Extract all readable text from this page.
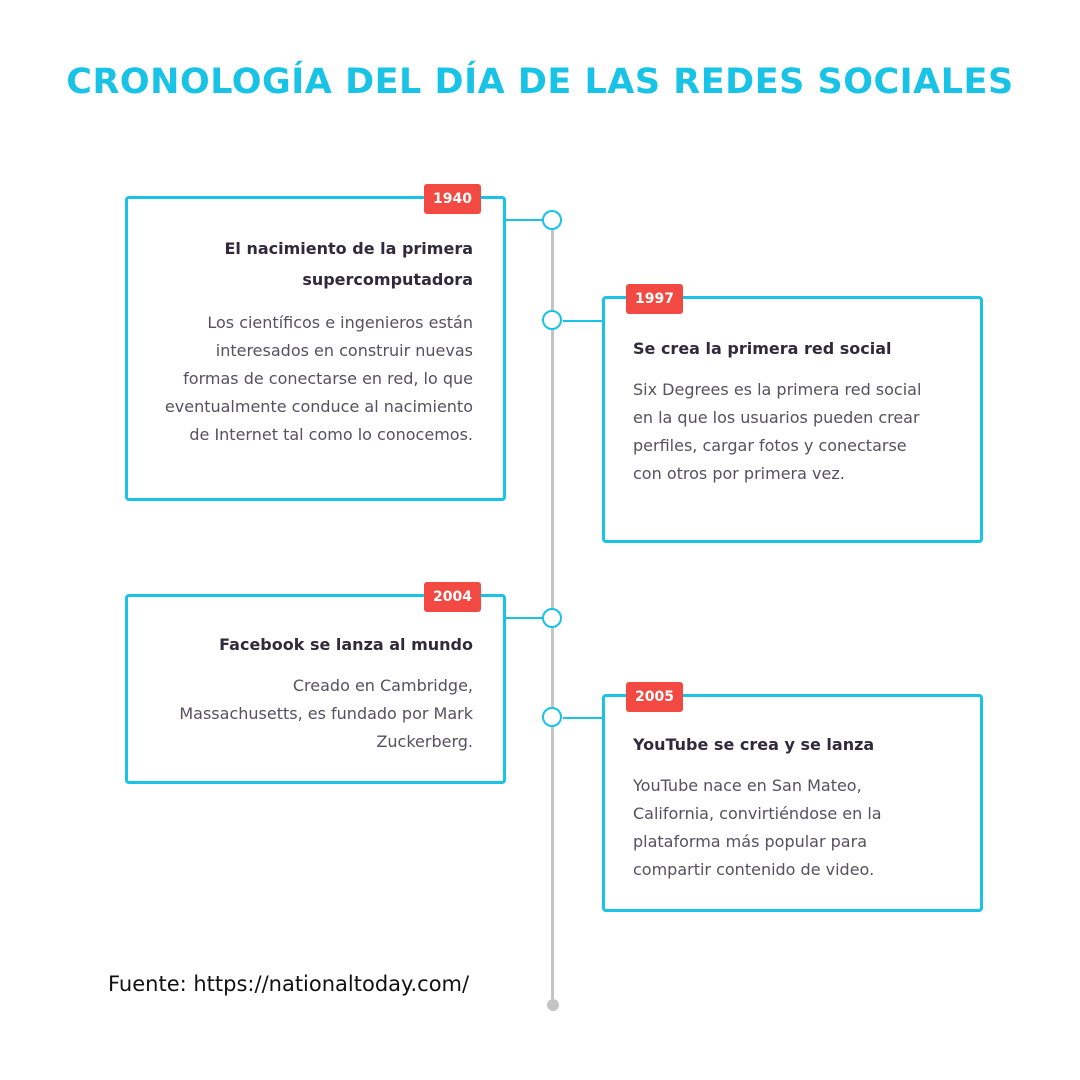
CRONOLOGÍA DEL DÍA DE LAS REDES SOCIALES
1940
El nacimiento de la primera supercomputadora
Los científicos e ingenieros están interesados en construir nuevas formas de conectarse en red, lo que eventualmente conduce al nacimiento de Internet tal como lo conocemos.
1997
Se crea la primera red social
Six Degrees es la primera red social en la que los usuarios pueden crear perfiles, cargar fotos y conectarse con otros por primera vez.
2004
Facebook se lanza al mundo
Creado en Cambridge, Massachusetts, es fundado por Mark Zuckerberg.
2005
YouTube se crea y se lanza
YouTube nace en San Mateo, California, convirtiéndose en la plataforma más popular para compartir contenido de video.
Fuente: https://nationaltoday.com/
